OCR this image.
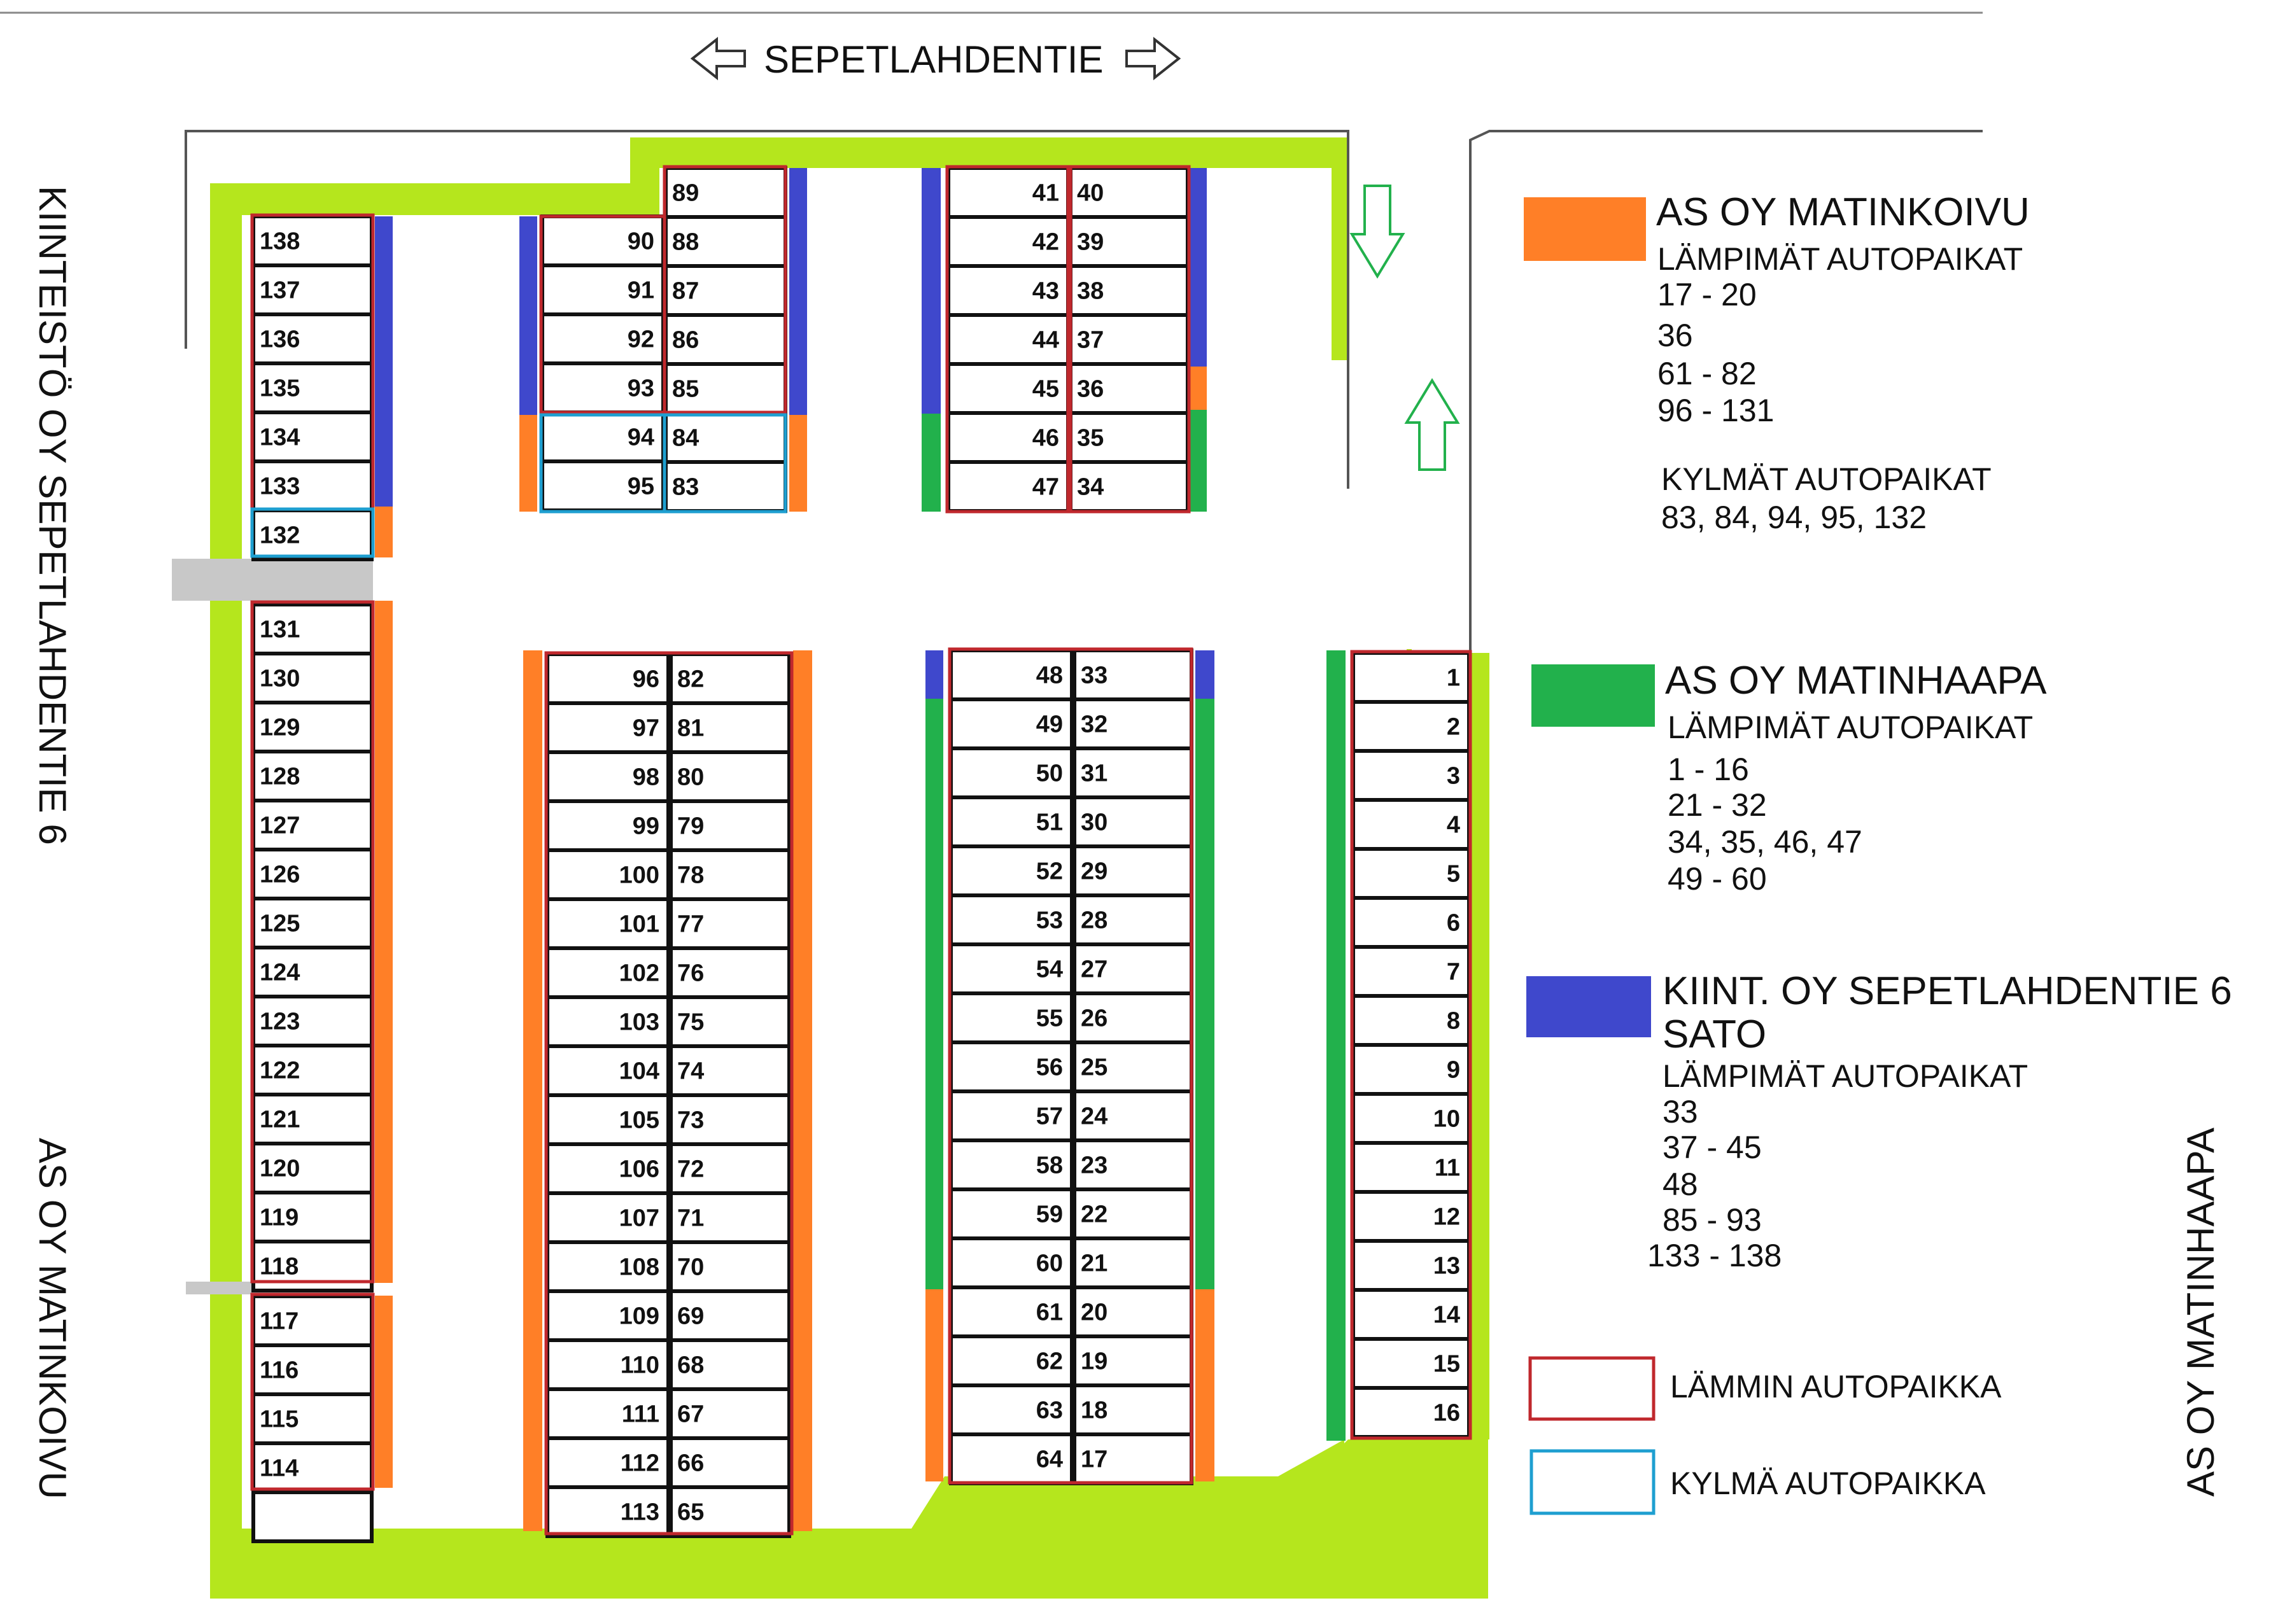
SEPETLAHDENTIE
138
137
136
135
134
133
132
131
130
129
128
127
126
125
124
123
122
121
120
119
118
117
116
115
114
90
91
92
93
94
95
89
88
87
86
85
84
83
96
97
98
99
100
101
102
103
104
105
106
107
108
109
110
111
112
113
82
81
80
79
78
77
76
75
74
73
72
71
70
69
68
67
66
65
41
42
43
44
45
46
47
40
39
38
37
36
35
34
48
49
50
51
52
53
54
55
56
57
58
59
60
61
62
63
64
33
32
31
30
29
28
27
26
25
24
23
22
21
20
19
18
17
1
2
3
4
5
6
7
8
9
10
11
12
13
14
15
16
KIINTEISTÖ OY SEPETLAHDENTIE 6
AS OY MATINKOIVU	AS OY MATINHAAPA
AS OY MATINKOIVU
LÄMPIMÄT AUTOPAIKAT
17 - 20
36
61 - 82
96 - 131
KYLMÄT AUTOPAIKAT
83, 84, 94, 95, 132
AS OY MATINHAAPA
LÄMPIMÄT AUTOPAIKAT
1 - 16
21 - 32
34, 35, 46, 47
49 - 60
KIINT. OY SEPETLAHDENTIE 6
SATO
LÄMPIMÄT AUTOPAIKAT
33
37 - 45
48
85 - 93
133 - 138
LÄMMIN AUTOPAIKKA
KYLMÄ AUTOPAIKKA
